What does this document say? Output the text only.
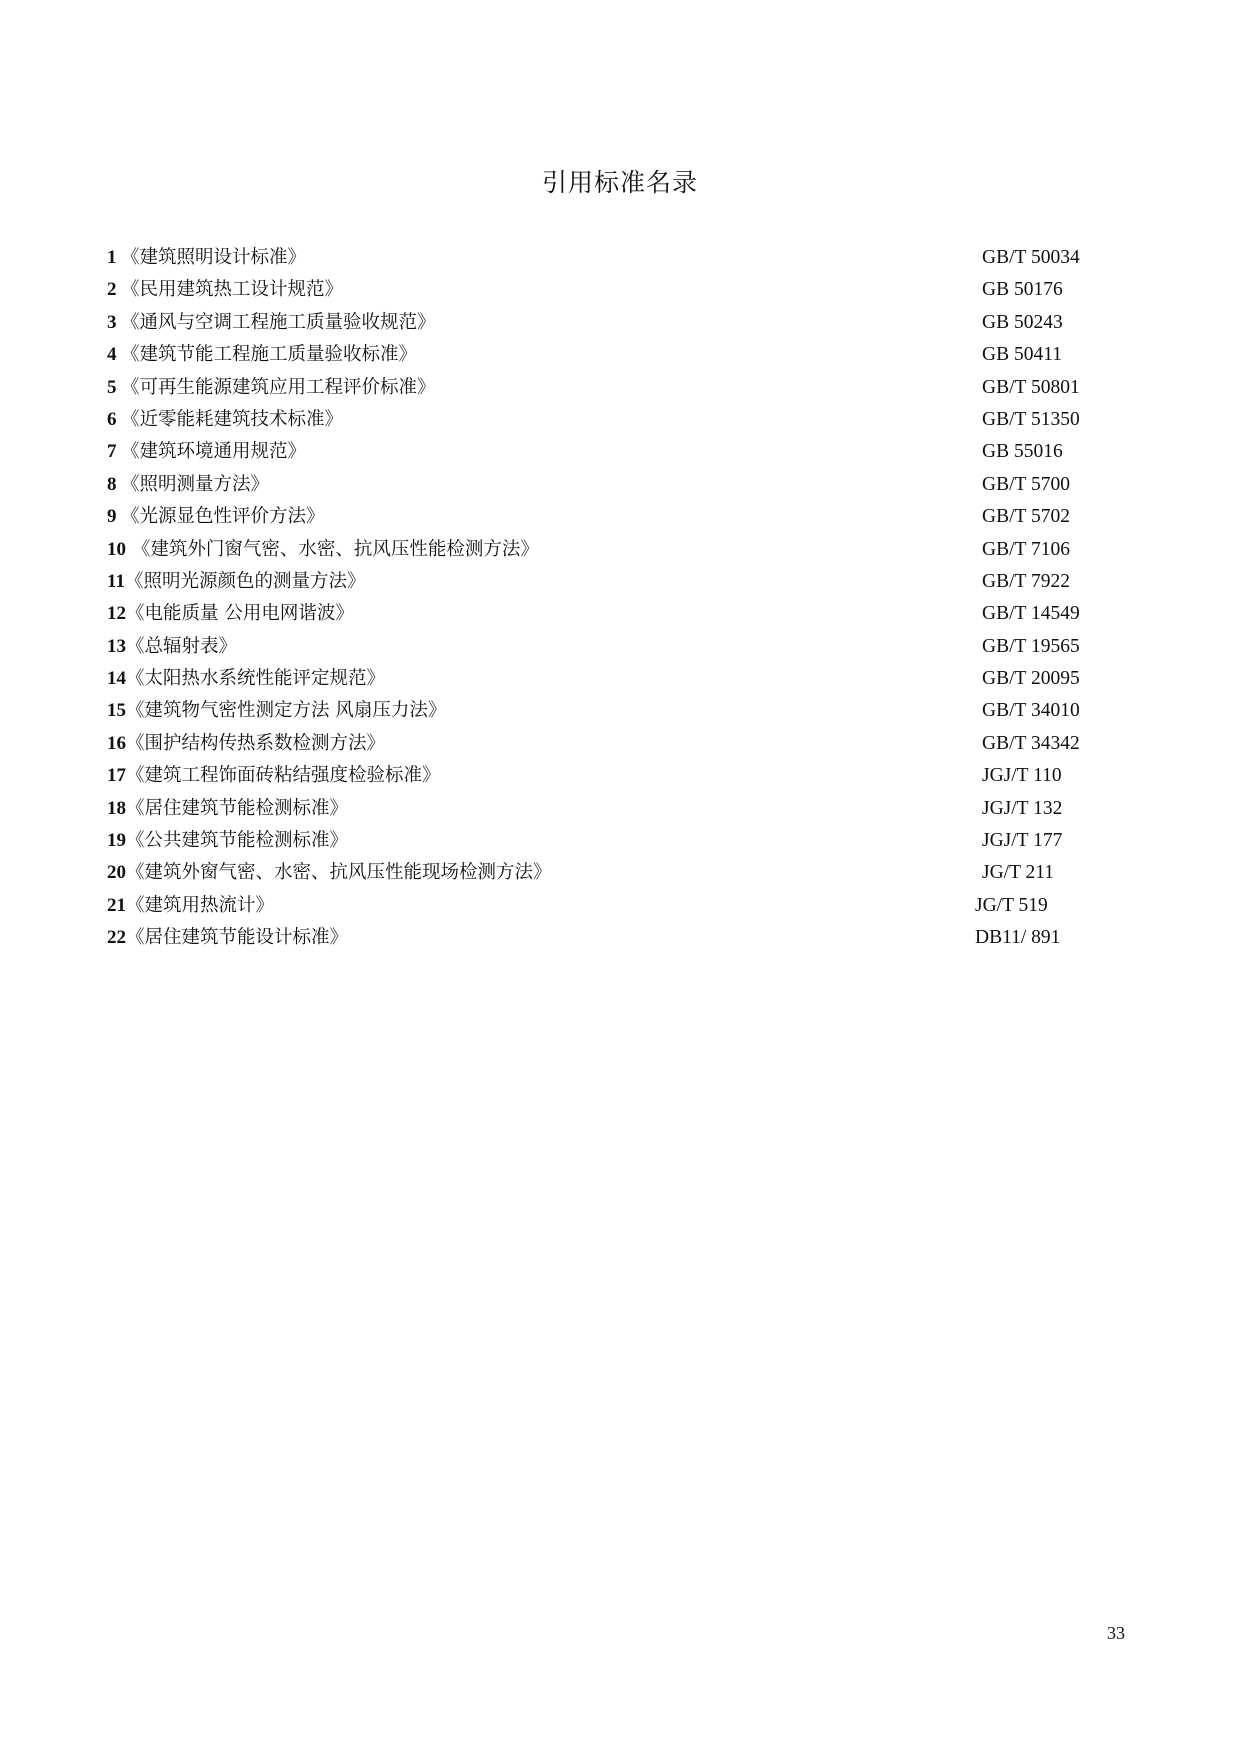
引用标准名录
1 《建筑照明设计标准》	GB/T 50034
2 《民用建筑热工设计规范》	GB 50176
3 《通风与空调工程施工质量验收规范》	GB 50243
4 《建筑节能工程施工质量验收标准》	GB 50411
5 《可再生能源建筑应用工程评价标准》	GB/T 50801
6 《近零能耗建筑技术标准》	GB/T 51350
7 《建筑环境通用规范》	GB 55016
8 《照明测量方法》	GB/T 5700
9 《光源显色性评价方法》	GB/T 5702
10 《建筑外门窗气密、水密、抗风压性能检测方法》	GB/T 7106
11《照明光源颜色的测量方法》	GB/T 7922
12《电能质量 公用电网谐波》	GB/T 14549
13《总辐射表》	GB/T 19565
14《太阳热水系统性能评定规范》	GB/T 20095
15《建筑物气密性测定方法 风扇压力法》	GB/T 34010
16《围护结构传热系数检测方法》	GB/T 34342
17《建筑工程饰面砖粘结强度检验标准》	JGJ/T 110
18《居住建筑节能检测标准》	JGJ/T 132
19《公共建筑节能检测标准》	JGJ/T 177
20《建筑外窗气密、水密、抗风压性能现场检测方法》	JG/T 211
21《建筑用热流计》	JG/T 519
22《居住建筑节能设计标准》	DB11/ 891
33
